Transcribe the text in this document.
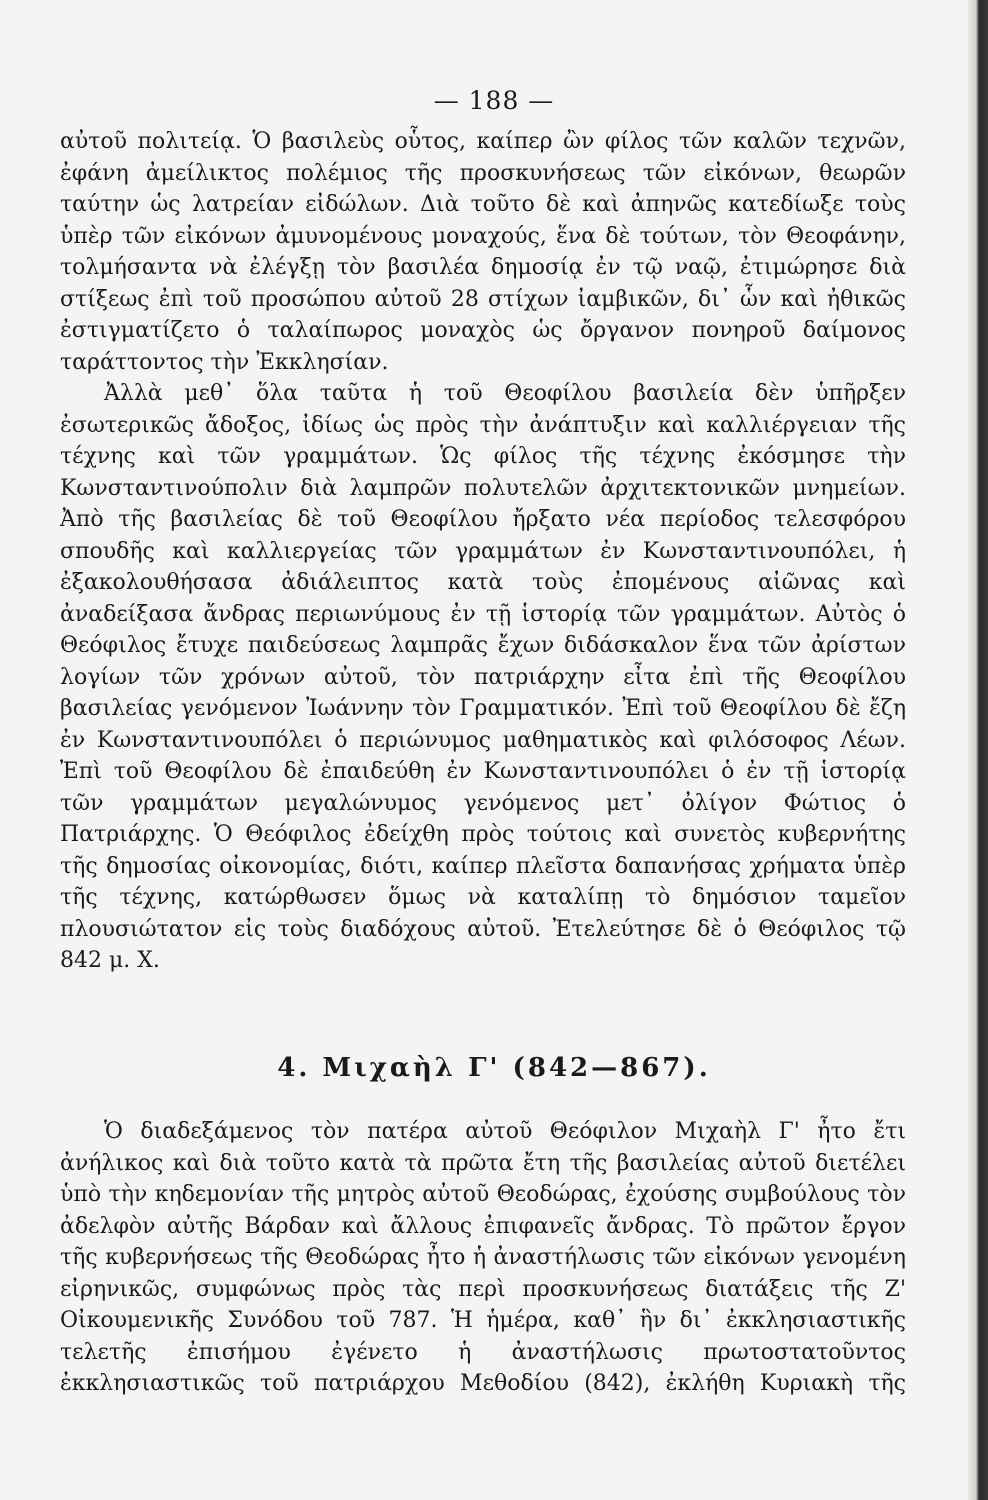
— 188 —

αὐτοῦ πολιτείᾳ. Ὁ βασιλεὺς οὗτος, καίπερ ὢν φίλος τῶν καλῶν τεχνῶν, ἐφάνη ἀμείλικτος πολέμιος τῆς προσκυνήσεως τῶν εἰκόνων, θεωρῶν ταύτην ὡς λατρείαν εἰδώλων. Διὰ τοῦτο δὲ καὶ ἀπηνῶς κατεδίωξε τοὺς ὑπὲρ τῶν εἰκόνων ἀμυνομένους μοναχούς, ἕνα δὲ τούτων, τὸν Θεοφάνην, τολμήσαντα νὰ ἐλέγξῃ τὸν βασιλέα δημοσίᾳ ἐν τῷ ναῷ, ἐτιμώρησε διὰ στίξεως ἐπὶ τοῦ προσώπου αὐτοῦ 28 στίχων ἰαμβικῶν, δι᾽ ὧν καὶ ἠθικῶς ἐστιγματίζετο ὁ ταλαίπωρος μοναχὸς ὡς ὄργανον πονηροῦ δαίμονος ταράττοντος τὴν Ἐκκλησίαν.

Ἀλλὰ μεθ᾽ ὅλα ταῦτα ἡ τοῦ Θεοφίλου βασιλεία δὲν ὑπῆρξεν ἐσωτερικῶς ἄδοξος, ἰδίως ὡς πρὸς τὴν ἀνάπτυξιν καὶ καλλιέργειαν τῆς τέχνης καὶ τῶν γραμμάτων. Ὡς φίλος τῆς τέχνης ἐκόσμησε τὴν Κωνσταντινούπολιν διὰ λαμπρῶν πολυτελῶν ἀρχιτεκτονικῶν μνημείων. Ἀπὸ τῆς βασιλείας δὲ τοῦ Θεοφίλου ἤρξατο νέα περίοδος τελεσφόρου σπουδῆς καὶ καλλιεργείας τῶν γραμμάτων ἐν Κωνσταντινουπόλει, ἡ ἐξακολουθήσασα ἀδιάλειπτος κατὰ τοὺς ἐπομένους αἰῶνας καὶ ἀναδείξασα ἄνδρας περιωνύμους ἐν τῇ ἱστορίᾳ τῶν γραμμάτων. Αὐτὸς ὁ Θεόφιλος ἔτυχε παιδεύσεως λαμπρᾶς ἔχων διδάσκαλον ἕνα τῶν ἀρίστων λογίων τῶν χρόνων αὐτοῦ, τὸν πατριάρχην εἶτα ἐπὶ τῆς Θεοφίλου βασιλείας γενόμενον Ἰωάννην τὸν Γραμματικόν. Ἐπὶ τοῦ Θεοφίλου δὲ ἔζη ἐν Κωνσταντινουπόλει ὁ περιώνυμος μαθηματικὸς καὶ φιλόσοφος Λέων. Ἐπὶ τοῦ Θεοφίλου δὲ ἐπαιδεύθη ἐν Κωνσταντινουπόλει ὁ ἐν τῇ ἱστορίᾳ τῶν γραμμάτων μεγαλώνυμος γενόμενος μετ᾽ ὀλίγον Φώτιος ὁ Πατριάρχης. Ὁ Θεόφιλος ἐδείχθη πρὸς τούτοις καὶ συνετὸς κυβερνήτης τῆς δημοσίας οἰκονομίας, διότι, καίπερ πλεῖστα δαπανήσας χρήματα ὑπὲρ τῆς τέχνης, κατώρθωσεν ὅμως νὰ καταλίπῃ τὸ δημόσιον ταμεῖον πλουσιώτατον εἰς τοὺς διαδόχους αὐτοῦ. Ἐτελεύτησε δὲ ὁ Θεόφιλος τῷ 842 μ. Χ.

4. Μιχαὴλ Γ' (842—867).

Ὁ διαδεξάμενος τὸν πατέρα αὐτοῦ Θεόφιλον Μιχαὴλ Γ' ἦτο ἔτι ἀνήλικος καὶ διὰ τοῦτο κατὰ τὰ πρῶτα ἔτη τῆς βασιλείας αὐτοῦ διετέλει ὑπὸ τὴν κηδεμονίαν τῆς μητρὸς αὐτοῦ Θεοδώρας, ἐχούσης συμβούλους τὸν ἀδελφὸν αὐτῆς Βάρδαν καὶ ἄλλους ἐπιφανεῖς ἄνδρας. Τὸ πρῶτον ἔργον τῆς κυβερνήσεως τῆς Θεοδώρας ἦτο ἡ ἀναστήλωσις τῶν εἰκόνων γενομένη εἰρηνικῶς, συμφώνως πρὸς τὰς περὶ προσκυνήσεως διατάξεις τῆς Ζ' Οἰκουμενικῆς Συνόδου τοῦ 787. Ἡ ἡμέρα, καθ᾽ ἣν δι᾽ ἐκκλησιαστικῆς τελετῆς ἐπισήμου ἐγένετο ἡ ἀναστήλωσις πρωτοστατοῦντος ἐκκλησιαστικῶς τοῦ πατριάρχου Μεθοδίου (842), ἐκλήθη Κυριακὴ τῆς
